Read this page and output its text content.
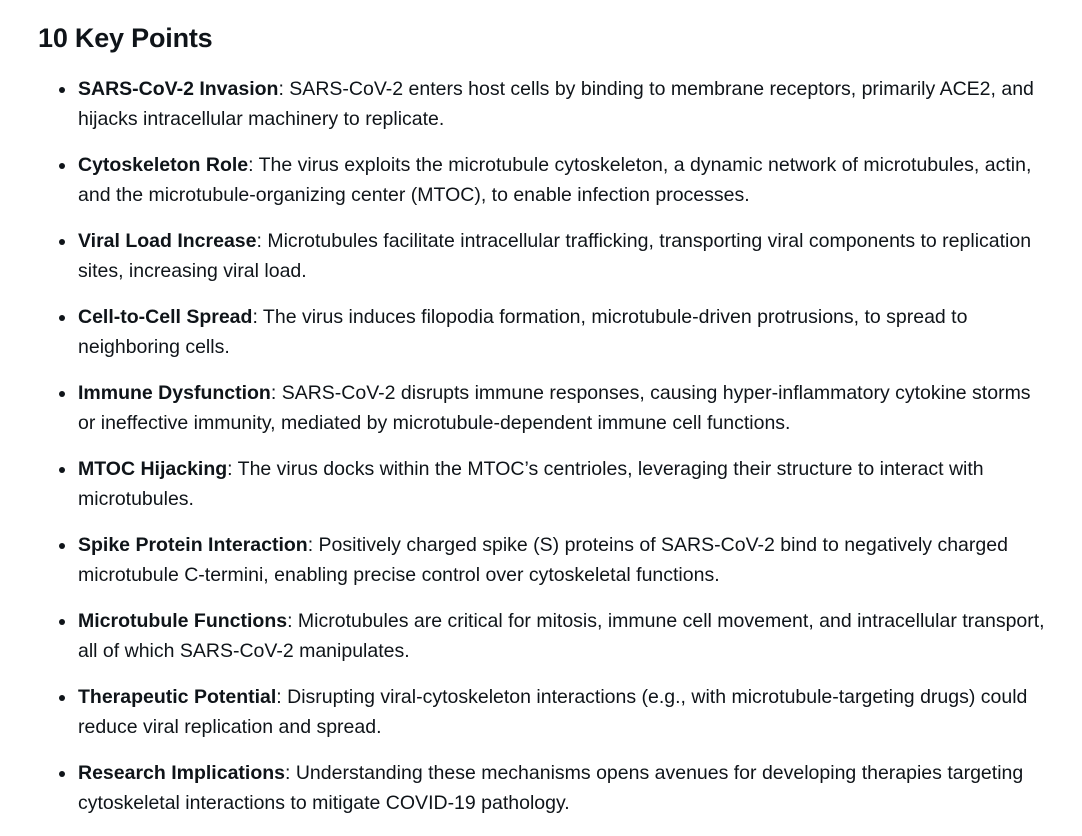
10 Key Points
SARS-CoV-2 Invasion: SARS-CoV-2 enters host cells by binding to membrane receptors, primarily ACE2, and hijacks intracellular machinery to replicate.
Cytoskeleton Role: The virus exploits the microtubule cytoskeleton, a dynamic network of microtubules, actin, and the microtubule-organizing center (MTOC), to enable infection processes.
Viral Load Increase: Microtubules facilitate intracellular trafficking, transporting viral components to replication sites, increasing viral load.
Cell-to-Cell Spread: The virus induces filopodia formation, microtubule-driven protrusions, to spread to neighboring cells.
Immune Dysfunction: SARS-CoV-2 disrupts immune responses, causing hyper-inflammatory cytokine storms or ineffective immunity, mediated by microtubule-dependent immune cell functions.
MTOC Hijacking: The virus docks within the MTOC’s centrioles, leveraging their structure to interact with microtubules.
Spike Protein Interaction: Positively charged spike (S) proteins of SARS-CoV-2 bind to negatively charged microtubule C-termini, enabling precise control over cytoskeletal functions.
Microtubule Functions: Microtubules are critical for mitosis, immune cell movement, and intracellular transport, all of which SARS-CoV-2 manipulates.
Therapeutic Potential: Disrupting viral-cytoskeleton interactions (e.g., with microtubule-targeting drugs) could reduce viral replication and spread.
Research Implications: Understanding these mechanisms opens avenues for developing therapies targeting cytoskeletal interactions to mitigate COVID-19 pathology.
